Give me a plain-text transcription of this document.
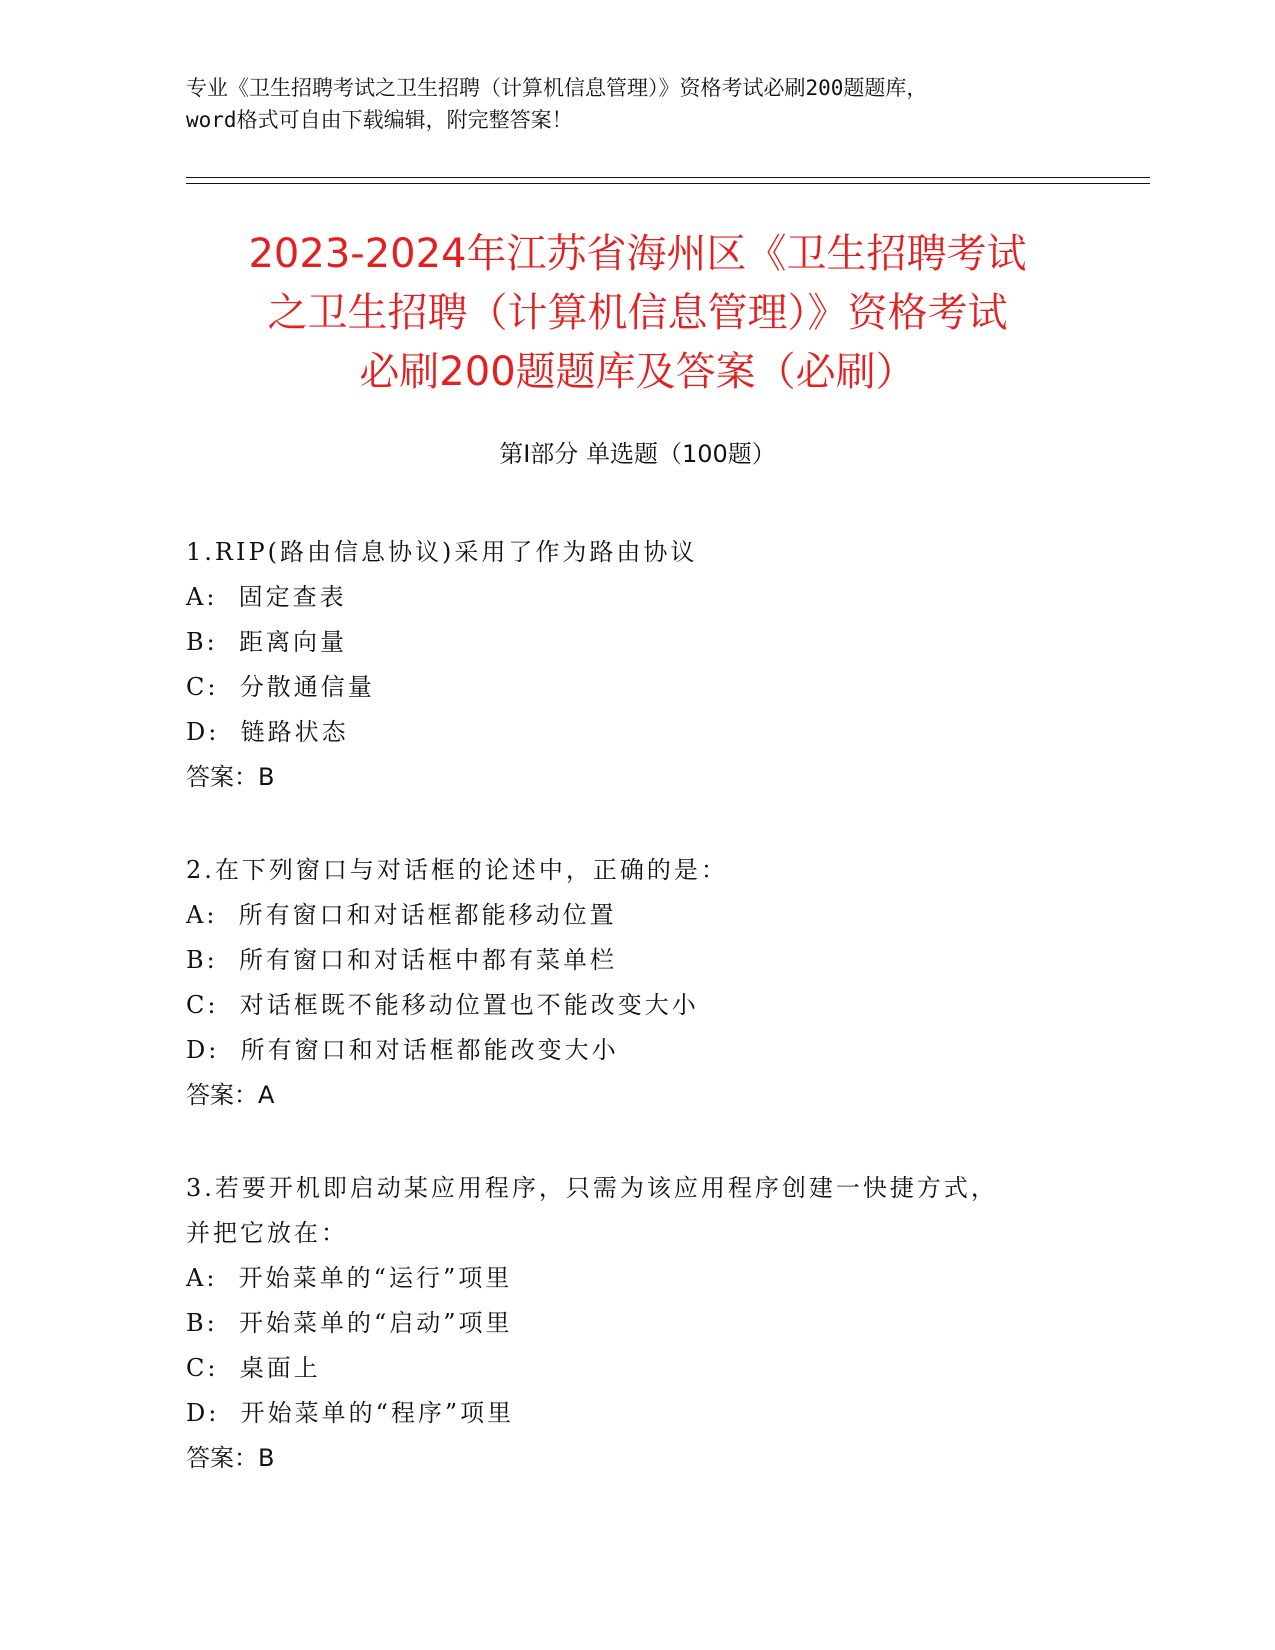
专业《卫生招聘考试之卫生招聘（计算机信息管理）》资格考试必刷200题题库，
word格式可自由下载编辑，附完整答案！
2023-2024年江苏省海州区《卫生招聘考试
之卫生招聘（计算机信息管理）》资格考试
必刷200题题库及答案（必刷）
第Ⅰ部分 单选题（100题）
1.RIP(路由信息协议)采用了作为路由协议
A:  固定查表
B:  距离向量
C:  分散通信量
D:  链路状态
答案：B
2.在下列窗口与对话框的论述中，正确的是：
A:  所有窗口和对话框都能移动位置
B:  所有窗口和对话框中都有菜单栏
C:  对话框既不能移动位置也不能改变大小
D:  所有窗口和对话框都能改变大小
答案：A
3.若要开机即启动某应用程序，只需为该应用程序创建一快捷方式，
并把它放在：
A:  开始菜单的“运行”项里
B:  开始菜单的“启动”项里
C:  桌面上
D:  开始菜单的“程序”项里
答案：B
